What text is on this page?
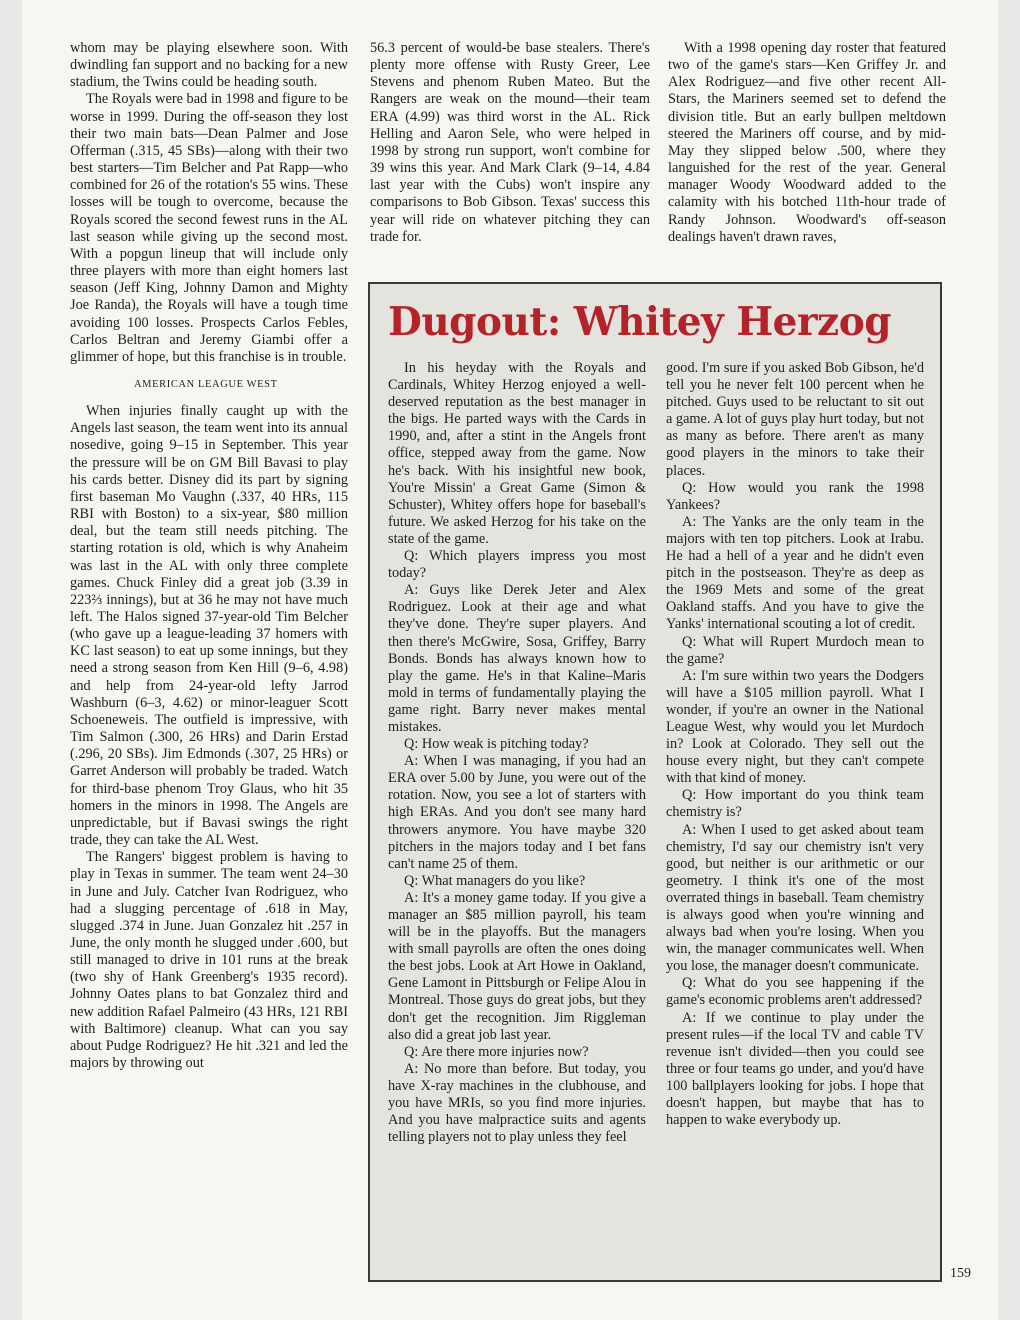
whom may be playing elsewhere soon. With dwindling fan support and no backing for a new stadium, the Twins could be heading south.

The Royals were bad in 1998 and figure to be worse in 1999. During the off-season they lost their two main bats—Dean Palmer and Jose Offerman (.315, 45 SBs)—along with their two best starters—Tim Belcher and Pat Rapp—who combined for 26 of the rotation's 55 wins. These losses will be tough to overcome, because the Royals scored the second fewest runs in the AL last season while giving up the second most. With a popgun lineup that will include only three players with more than eight homers last season (Jeff King, Johnny Damon and Mighty Joe Randa), the Royals will have a tough time avoiding 100 losses. Prospects Carlos Febles, Carlos Beltran and Jeremy Giambi offer a glimmer of hope, but this franchise is in trouble.

AMERICAN LEAGUE WEST

When injuries finally caught up with the Angels last season, the team went into its annual nosedive, going 9–15 in September. This year the pressure will be on GM Bill Bavasi to play his cards better. Disney did its part by signing first baseman Mo Vaughn (.337, 40 HRs, 115 RBI with Boston) to a six-year, $80 million deal, but the team still needs pitching. The starting rotation is old, which is why Anaheim was last in the AL with only three complete games. Chuck Finley did a great job (3.39 in 223⅔ innings), but at 36 he may not have much left. The Halos signed 37-year-old Tim Belcher (who gave up a league-leading 37 homers with KC last season) to eat up some innings, but they need a strong season from Ken Hill (9–6, 4.98) and help from 24-year-old lefty Jarrod Washburn (6–3, 4.62) or minor-leaguer Scott Schoeneweis. The outfield is impressive, with Tim Salmon (.300, 26 HRs) and Darin Erstad (.296, 20 SBs). Jim Edmonds (.307, 25 HRs) or Garret Anderson will probably be traded. Watch for third-base phenom Troy Glaus, who hit 35 homers in the minors in 1998. The Angels are unpredictable, but if Bavasi swings the right trade, they can take the AL West.

The Rangers' biggest problem is having to play in Texas in summer. The team went 24–30 in June and July. Catcher Ivan Rodriguez, who had a slugging percentage of .618 in May, slugged .374 in June. Juan Gonzalez hit .257 in June, the only month he slugged under .600, but still managed to drive in 101 runs at the break (two shy of Hank Greenberg's 1935 record). Johnny Oates plans to bat Gonzalez third and new addition Rafael Palmeiro (43 HRs, 121 RBI with Baltimore) cleanup. What can you say about Pudge Rodriguez? He hit .321 and led the majors by throwing out

56.3 percent of would-be base stealers. There's plenty more offense with Rusty Greer, Lee Stevens and phenom Ruben Mateo. But the Rangers are weak on the mound—their team ERA (4.99) was third worst in the AL. Rick Helling and Aaron Sele, who were helped in 1998 by strong run support, won't combine for 39 wins this year. And Mark Clark (9–14, 4.84 last year with the Cubs) won't inspire any comparisons to Bob Gibson. Texas' success this year will ride on whatever pitching they can trade for.

With a 1998 opening day roster that featured two of the game's stars—Ken Griffey Jr. and Alex Rodriguez—and five other recent All-Stars, the Mariners seemed set to defend the division title. But an early bullpen meltdown steered the Mariners off course, and by mid-May they slipped below .500, where they languished for the rest of the year. General manager Woody Woodward added to the calamity with his botched 11th-hour trade of Randy Johnson. Woodward's off-season dealings haven't drawn raves,

Dugout: Whitey Herzog

In his heyday with the Royals and Cardinals, Whitey Herzog enjoyed a well-deserved reputation as the best manager in the bigs. He parted ways with the Cards in 1990, and, after a stint in the Angels front office, stepped away from the game. Now he's back. With his insightful new book, You're Missin' a Great Game (Simon & Schuster), Whitey offers hope for baseball's future. We asked Herzog for his take on the state of the game.

Q: Which players impress you most today?

A: Guys like Derek Jeter and Alex Rodriguez. Look at their age and what they've done. They're super players. And then there's McGwire, Sosa, Griffey, Barry Bonds. Bonds has always known how to play the game. He's in that Kaline–Maris mold in terms of fundamentally playing the game right. Barry never makes mental mistakes.

Q: How weak is pitching today?

A: When I was managing, if you had an ERA over 5.00 by June, you were out of the rotation. Now, you see a lot of starters with high ERAs. And you don't see many hard throwers anymore. You have maybe 320 pitchers in the majors today and I bet fans can't name 25 of them.

Q: What managers do you like?

A: It's a money game today. If you give a manager an $85 million payroll, his team will be in the playoffs. But the managers with small payrolls are often the ones doing the best jobs. Look at Art Howe in Oakland, Gene Lamont in Pittsburgh or Felipe Alou in Montreal. Those guys do great jobs, but they don't get the recognition. Jim Riggleman also did a great job last year.

Q: Are there more injuries now?

A: No more than before. But today, you have X-ray machines in the clubhouse, and you have MRIs, so you find more injuries. And you have malpractice suits and agents telling players not to play unless they feel

good. I'm sure if you asked Bob Gibson, he'd tell you he never felt 100 percent when he pitched. Guys used to be reluctant to sit out a game. A lot of guys play hurt today, but not as many as before. There aren't as many good players in the minors to take their places.

Q: How would you rank the 1998 Yankees?

A: The Yanks are the only team in the majors with ten top pitchers. Look at Irabu. He had a hell of a year and he didn't even pitch in the postseason. They're as deep as the 1969 Mets and some of the great Oakland staffs. And you have to give the Yanks' international scouting a lot of credit.

Q: What will Rupert Murdoch mean to the game?

A: I'm sure within two years the Dodgers will have a $105 million payroll. What I wonder, if you're an owner in the National League West, why would you let Murdoch in? Look at Colorado. They sell out the house every night, but they can't compete with that kind of money.

Q: How important do you think team chemistry is?

A: When I used to get asked about team chemistry, I'd say our chemistry isn't very good, but neither is our arithmetic or our geometry. I think it's one of the most overrated things in baseball. Team chemistry is always good when you're winning and always bad when you're losing. When you win, the manager communicates well. When you lose, the manager doesn't communicate.

Q: What do you see happening if the game's economic problems aren't addressed?

A: If we continue to play under the present rules—if the local TV and cable TV revenue isn't divided—then you could see three or four teams go under, and you'd have 100 ballplayers looking for jobs. I hope that doesn't happen, but maybe that has to happen to wake everybody up.

159
